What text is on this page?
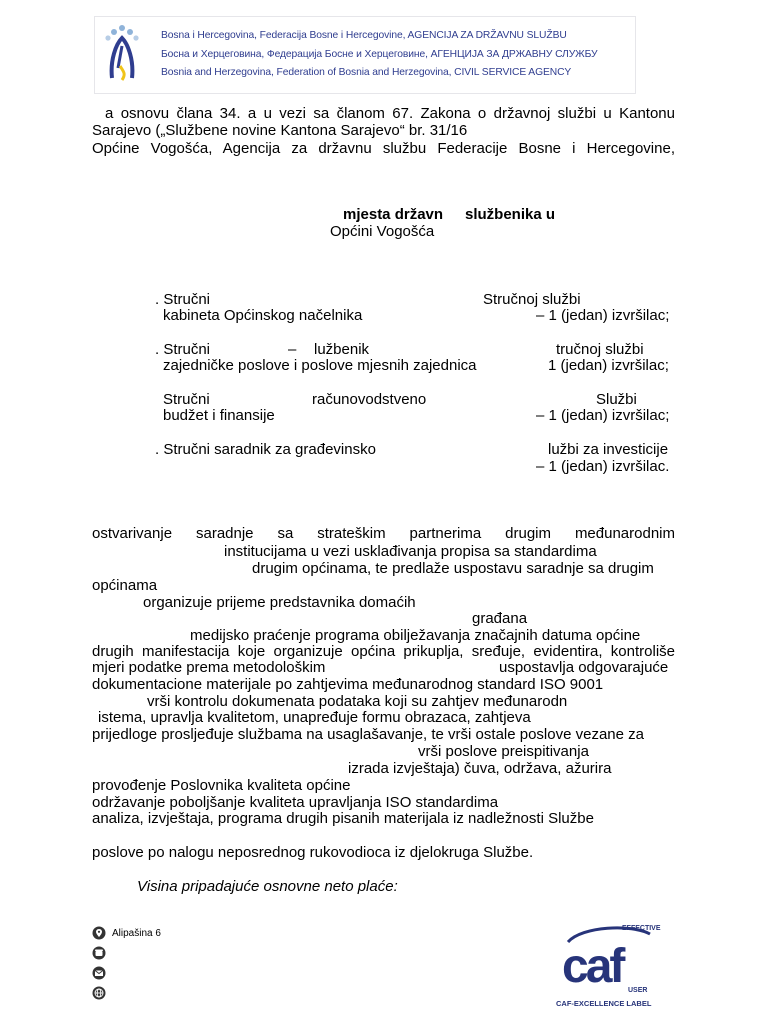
Bosna i Hercegovina, Federacija Bosne i Hercegovine, AGENCIJA ZA DRŽAVNU SLUŽBU
Босна и Херцеговина, Федерација Босне и Херцеговине, АГЕНЦИЈА ЗА ДРЖАВНУ СЛУЖБУ
Bosnia and Herzegovina, Federation of Bosnia and Herzegovina, CIVIL SERVICE AGENCY
a osnovu člana 34. a u vezi sa članom 67. Zakona o državnoj službi u Kantonu
Sarajevo („Službene novine Kantona Sarajevo“ br. 31/16
Općine Vogošća, Agencija za državnu službu Federacije Bosne i Hercegovine,
mjesta državn službenika u
Općini Vogošća
. Stručni	Stručnoj službi
kabineta Općinskog načelnika	– 1 (jedan) izvršilac;
. Stručni	– lužbenik	tručnoj službi
zajedničke poslove i poslove mjesnih zajednica	1 (jedan) izvršilac;
Stručni	računovodstveno	Službi
budžet i finansije	– 1 (jedan) izvršilac;
. Stručni saradnik za građevinsko	lužbi za investicije
– 1 (jedan) izvršilac.
ostvarivanje saradnje sa strateškim partnerima drugim međunarodnim
institucijama u vezi usklađivanja propisa sa standardima
drugim općinama, te predlaže uspostavu saradnje sa drugim
općinama
organizuje prijeme predstavnika domaćih
građana
medijsko praćenje programa obilježavanja značajnih datuma općine
drugih manifestacija koje organizuje općina prikuplja, sređuje, evidentira, kontroliše
mjeri podatke prema metodološkim	uspostavlja odgovarajuće
dokumentacione materijale po zahtjevima međunarodnog standard ISO 9001
vrši kontrolu dokumenata podataka koji su zahtjev međunarodn
istema, upravlja kvalitetom, unapređuje formu obrazaca, zahtjeva
prijedloge prosljeđuje službama na usaglašavanje, te vrši ostale poslove vezane za
vrši poslove preispitivanja
izrada izvještaja) čuva, održava, ažurira
provođenje Poslovnika kvaliteta općine
održavanje poboljšanje kvaliteta upravljanja ISO standardima
analiza, izvještaja, programa drugih pisanih materijala iz nadležnosti Službe
poslove po nalogu neposrednog rukovodioca iz djelokruga Službe.
Visina pripadajuće osnovne neto plaće:
Alipašina 6	EFFECTIVE
caf USER
CAF-EXCELLENCE LABEL
